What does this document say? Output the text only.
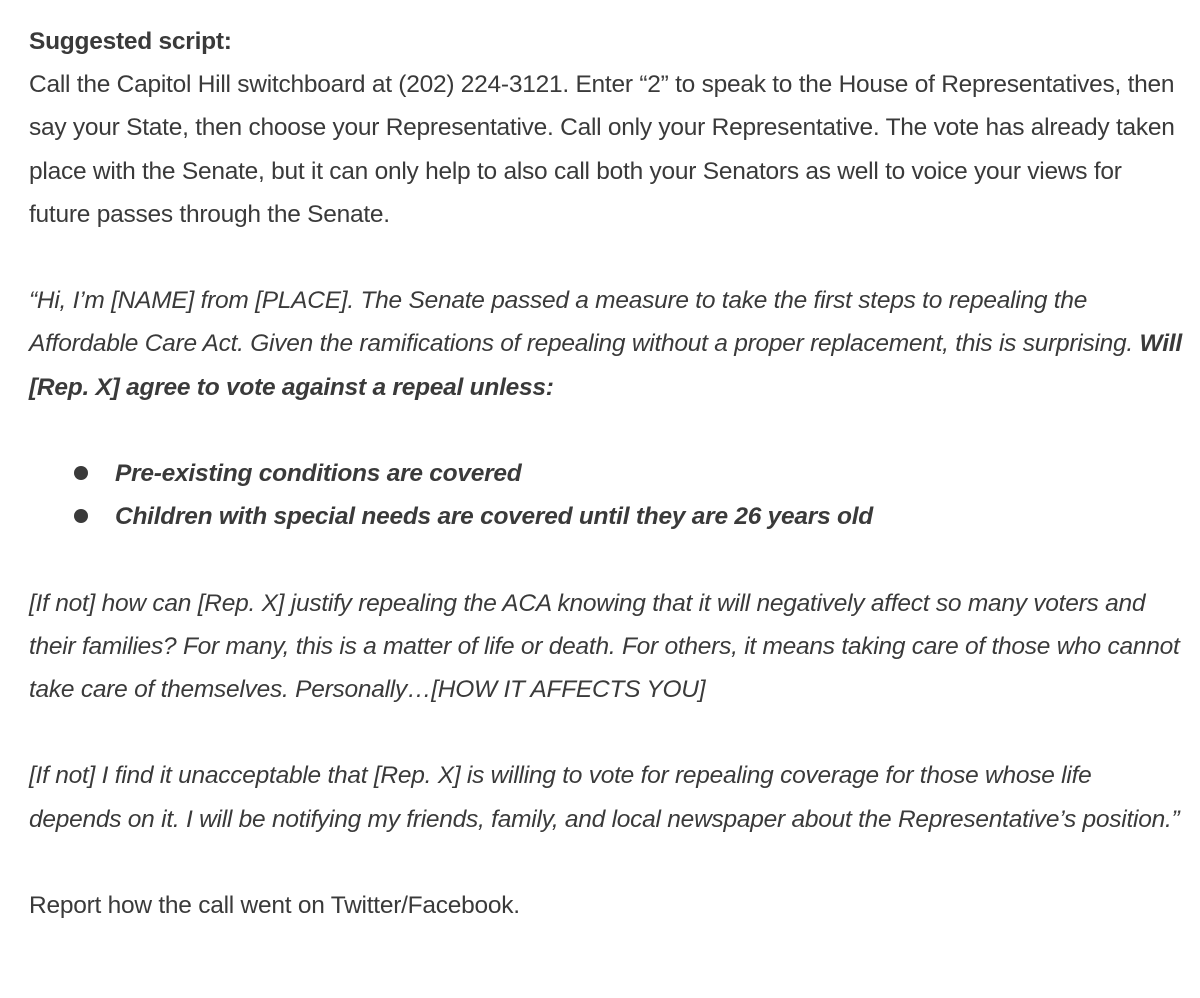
Suggested script:

Call the Capitol Hill switchboard at (202) 224-3121. Enter “2” to speak to the House of Representatives, then say your State, then choose your Representative. Call only your Representative. The vote has already taken place with the Senate, but it can only help to also call both your Senators as well to voice your views for future passes through the Senate.

“Hi, I’m [NAME] from [PLACE]. The Senate passed a measure to take the first steps to repealing the Affordable Care Act. Given the ramifications of repealing without a proper replacement, this is surprising. Will [Rep. X] agree to vote against a repeal unless:

Pre-existing conditions are covered
Children with special needs are covered until they are 26 years old

[If not] how can [Rep. X] justify repealing the ACA knowing that it will negatively affect so many voters and their families? For many, this is a matter of life or death. For others, it means taking care of those who cannot take care of themselves. Personally…[HOW IT AFFECTS YOU]

[If not] I find it unacceptable that [Rep. X] is willing to vote for repealing coverage for those whose life depends on it. I will be notifying my friends, family, and local newspaper about the Representative’s position.”

Report how the call went on Twitter/Facebook.
